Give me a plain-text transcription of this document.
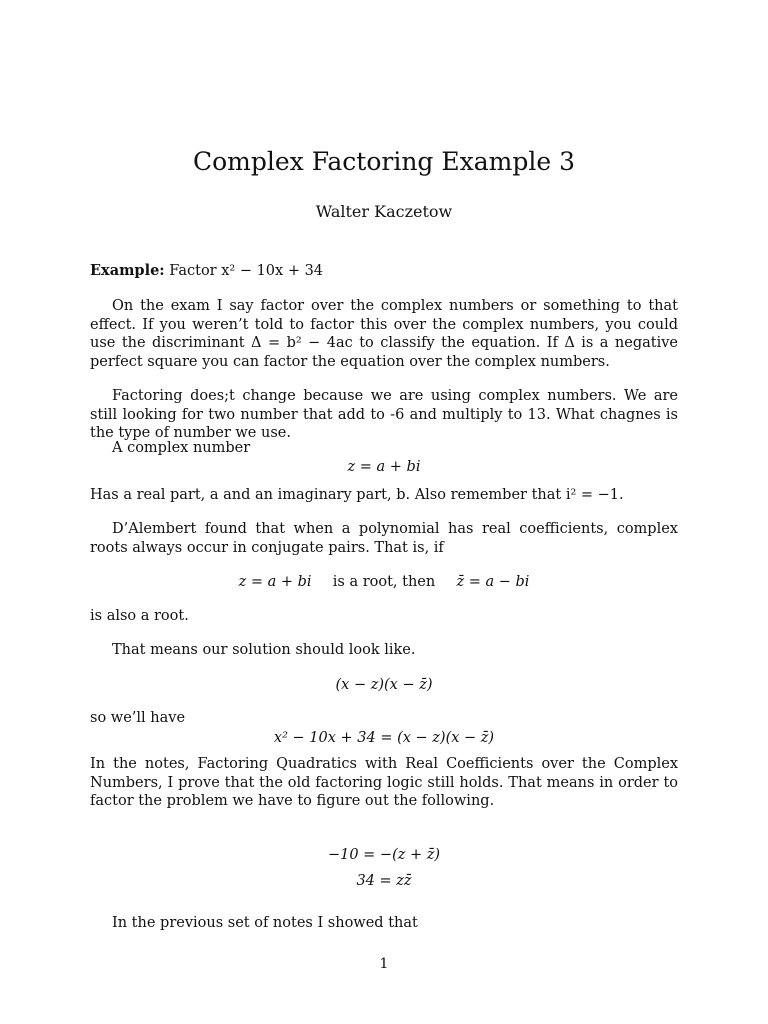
Complex Factoring Example 3
Walter Kaczetow
Example: Factor x² − 10x + 34
On the exam I say factor over the complex numbers or something to that effect. If you weren’t told to factor this over the complex numbers, you could use the discriminant Δ = b² − 4ac to classify the equation. If Δ is a negative perfect square you can factor the equation over the complex numbers.
Factoring does;t change because we are using complex numbers. We are still looking for two number that add to -6 and multiply to 13. What chagnes is the type of number we use.
A complex number
z = a + bi
Has a real part, a and an imaginary part, b. Also remember that i² = −1.
D’Alembert found that when a polynomial has real coefficients, complex roots always occur in conjugate pairs. That is, if
z = a + bi is a root, then z̄ = a − bi
is also a root.
That means our solution should look like.
(x − z)(x − z̄)
so we’ll have
x² − 10x + 34 = (x − z)(x − z̄)
In the notes, Factoring Quadratics with Real Coefficients over the Complex Numbers, I prove that the old factoring logic still holds. That means in order to factor the problem we have to figure out the following.
−10 = −(z + z̄)
34 = zz̄
In the previous set of notes I showed that
1
